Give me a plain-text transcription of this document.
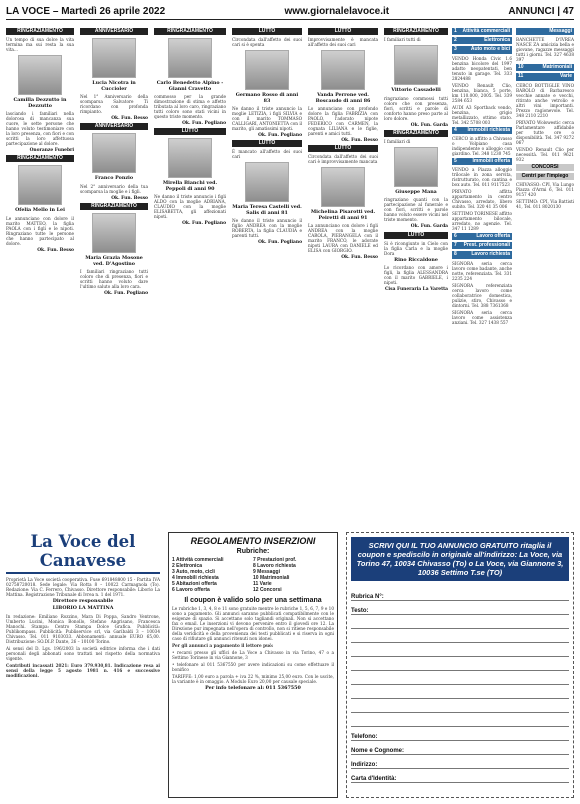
LA VOCE – Martedì 26 aprile 2022	www.giornalelavoce.it	ANNUNCI | 47
RINGRAZIAMENTO
Un tempo di sua dolce la vita termina ma sui resta la sua vita...
Camilla Dezzutto in Dezzutto
lasciando i familiari nella dolorosa di mancanza sua cuore, le sette persone che hanno voluto testimoniare con la loro presenza, con fiori e con scritti la loro affettuosa partecipazione al dolore.
Onoranze Funebri
RINGRAZIAMENTO
Ofelia Mello in Lei
Le annunciano con dolore il marito MATTEO, la figlia PAOLA con i figli e le nipoti. Ringraziano tutte le persone che hanno partecipato al dolore.
Ok. Fun. Besso
ANNIVERSARIO
Lucia Nicotra in Cuccioler
Nel 1° Anniversario della scomparsa Salvatore Ti ricordano con profonda rimpianto.
Ok. Fun. Besso
ANNIVERSARIO
Franco Ponzio
Nel 2° anniversario della tua scomparsa la moglie e i figli.
Ok. Fun. Besso
RINGRAZIAMENTO
Maria Grazia Mosone ved. D'Agostino
I familiari ringraziano tutti coloro che di presenza, fiori e scritti hanno voluto dare l'ultimo saluto alla loro cara.
Ok. Fun. Pogliano
RINGRAZIAMENTO
Carlo Benedetto Alpino - Gianni Cravetto
commosso per la grande dimostrazione di stima e affetto tributata al loro caro, ringraziano tutti coloro sono stati vicini in questo triste momento.
Ok. Fun. Pogliano
LUTTO
Mirella Bianchi ved. Peppoli di anni 90
Ne danno il triste annuncio i figli ALDO con la moglie ADRIANA, CLAUDIO con la moglie ELISABETTA, gli affezionati nipoti.
Ok. Fun. Pogliano
LUTTO
Circondata dall'affetto dei suoi cari si è spenta
Germano Rosso di anni 83
Ne danno il triste annuncio la moglie LETIZIA, i figli SILVIA e con il marito TOMMASO CALLIGARI, ANTONIETTA con il marito, gli amatissimi nipoti.
Ok. Fun. Pogliano
LUTTO
È mancato all'affetto dei suoi cari
Maria Teresa Castelli ved. Salis di anni 81
Ne danno il triste annuncio il figlio ANDREA con la moglie ROBERTA, la figlia CLAUDIA e parenti tutti.
Ok. Fun. Pogliano
LUTTO
Improvvisamente è mancata all'affetto dei suoi cari
Vanda Perrone ved. Boscaudo di anni 86
Lo annunciano con profondo dolore la figlia FABRIZIA con PAOLO, l'adorato nipote FEDERICO con CARMEN, la cognata LILIANA e le figlie, parenti e amici tutti.
Ok. Fun. Besso
LUTTO
Circondata dall'affetto dei suoi cari è improvvisamente mancata
Michelina Pisarotti ved. Peiretti di anni 91
La annunciano con dolore i figli ANDREA con la moglie CAROLA, PIERANGELA con il marito FRANCO, le adorate nipoti LAURA con DANIELE ed ELISA con GIORGIO.
Ok. Fun. Besso
RINGRAZIAMENTO
I familiari tutti di
Vittorio Cassadelli
ringraziano commossi tutti coloro che con presenza, fiori, scritti e parole di conforto hanno preso parte al loro dolore.
Ok. Fun. Garda
RINGRAZIAMENTO
I familiari di
Giuseppe Mana
ringraziano quanti con la partecipazione al funerale e con fiori, scritti e parole hanno voluto essere vicini nel triste momento.
Ok. Fun. Garda
LUTTO
Si è ricongiunto in Cielo con la figlia Carla e la moglie Dora
Rino Riccaldone
Lo ricordano con amore i figli, la figlia ALESSANDRA con il marito GABRIELE, i nipoti.
Cisa Funeraria La Varetta
1 Attività commerciali
2	Elettronica
3	Auto moto e bici
VENDO Honda Civic 1.6 benzina bicolore del 1997 adatto neopatentati, ben tenuto in garage. Tel. 333 2824488
VENDO Renault Clio, benzina, bianca, 5 porte, km 110.000, 2005. Tel. 339 2584 653
AUDI A3 Sportback vendo, benzina, grigio metallizzato, ottimo stato. Tel. 342 5708 003
4 Immobili richiesta
CERCO in affitto a Chivasso o Volpiano casa indipendente o alloggio con giardino. Tel. 348 1230 745
5	Immobili offerta
VENDO a Piazza alloggio trilocale in zona servita, ristrutturato, con cantina e box auto. Tel. 011 9117523
PRIVATO affitta appartamento in centro Chivasso, arredato, libero subito. Tel. 320 41 35 006
SETTIMO TORINESE affitto appartamento bilocale, arredato, no agenzie. Tel. 347 11 1289
6	Lavoro offerta
7 Prest. professionali
8	Lavoro richiesta
SIGNORA seria cerca lavoro come badante, anche notte, referenziata. Tel. 331 2235 224
SIGNORA referenziata cerca lavoro come collaboratrice domestica, pulizie, stiro, Chivasso e dintorni. Tel. 388 7361368
SIGNORA seria cerca lavoro come assistenza anziani. Tel. 327 1438 557
Messaggi
BANCHETTE D'IVREA NASCE ZA amicizia bella e giovane, ragazze messaggi tutti i giorni. Tel. 327 4638 397
10	Matrimoniali
11	Varie
CERCO BOTTIGLIE VINO BAROLO di Barbaresco vecchie annate e vecchi, ritirato anche vetrolio e altri vini importanti. Prezzo ragionevole. Tel. 348 2110 2210
PRIVATO Wolswestic cerca Parlamentare affidabile per tutte ore o disponibilità. Tel. 347 9272 067
VENDO Renault Clio per necessità. Tel. 011 9621 932
CONCORSI
Centri per l'impiego
CHIVASSO: CPI, Via Lungo Piazza d'Armi 6, Tel. 011 9157 420
SETTIMO: CPI, Via Battisti 41, Tel. 011 8020130
La Voce del Canavese
Proprietà La Voce società cooperativa. Fuse 691848800 15 - Partita IVA 02758720018. Sede legale: Via Rotta 8 – 10022 Carmagnola (To). Redazione: Via C. Ferrero, Chivasso. Direttore responsabile: Liborio La Mattina. Registrazione Tribunale di Ivrea n. 1 del 1971.
Direttore responsabile
LIBORIO LA MATTINA
In redazione: Emiliano Rozzino, Mara Di Poppa, Sandro Ventrone, Umberto Lucini, Monica Bonollo, Stefano Angrisano, Francesca Manochi. Stampa: Centro Stampa Dolce Grafica. Pubblicità: Publikompass. Pubblicità: Publiservice srl, via Garibaldi 3 – 10034 Chivasso. Tel. 011 9103033. Abbonamenti: annuale EURO 65,00. Distribuzione: SO.DI.P. Dante, 26 – 10100 Torino.
Ai sensi del D. Lgs. 196/2003 la società editrice informa che i dati personali degli abbonati sono trattati nel rispetto della normativa vigente.
Contributi incassati 2021: Euro 379.930,81. Indicazione resa ai sensi della legge 5 agosto 1981 n. 416 e successive modificazioni.
REGOLAMENTO INSERZIONI
Rubriche:
1 Attività commerciali
2 Elettronica
3 Auto, moto, cicli
4 Immobili richiesta
5 Abitazioni offerta
6 Lavoro offerta
7 Prestazioni prof.
8 Lavoro richiesta
9 Messaggi
10 Matrimoniali
11 Varie
12 Concorsi
Il coupon è valido solo per una settimana
Le rubriche 1, 3, 4, 8 e 11 sono gratuite mentre le rubriche 1, 5, 6, 7, 9 e 10 sono a pagamento. Gli annunci saranno pubblicati compatibilmente con le esigenze di spazio. Si accettano solo tagliandi originali. Non si accettano fax o email. Le inserzioni vi devono pervenire entro il giovedì ore 12. La Direzione pur impegnata nell'opera di controllo, non si ritiene responsabile della veridicità e della provenienza dei testi pubblicati e si riserva in ogni caso di rifiutare gli annunci ritenuti non idonei.
Per gli annunci a pagamento il lettore può:
• recarsi presso gli uffici de La Voce a Chivasso in via Torino, 47 o a Settimo Torinese in via Giannone, 3
• telefonare al 011 5367550 per avere indicazioni su come effettuare il bonifico
TARIFFE: 1,00 euro a parola + iva 22 %, minimo 25,00 euro. Con le uscite, la variante è in omaggio. A Modulo Euro 20,00 per causale speciale.
Per info telefonare al: 011 5367550
SCRIVI QUI IL TUO ANNUNCIO GRATUITO ritaglia il coupon e spediscilo in originale all'indirizzo: La Voce, via Torino 47, 10034 Chivasso (To) o La Voce, via Giannone 3, 10036 Settimo T.se (TO)
Rubrica N°:
Testo:
Telefono:
Nome e Cognome:
Indirizzo:
Carta d'Identità:
